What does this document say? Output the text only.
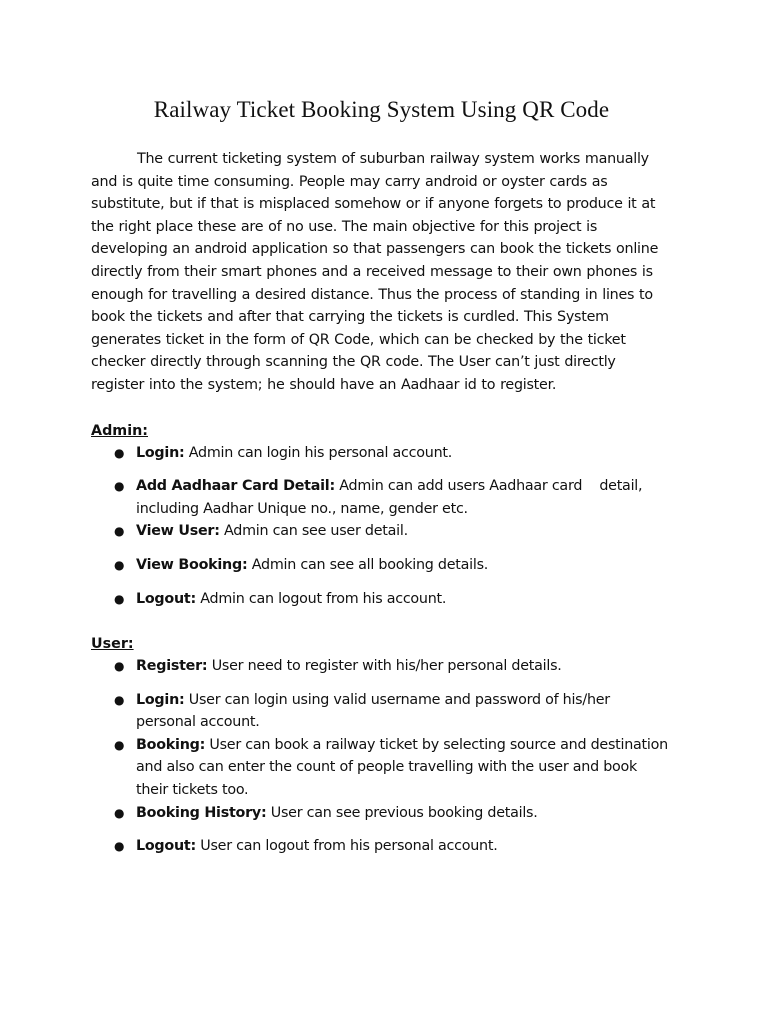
Railway Ticket Booking System Using QR Code

The current ticketing system of suburban railway system works manually and is quite time consuming. People may carry android or oyster cards as substitute, but if that is misplaced somehow or if anyone forgets to produce it at the right place these are of no use. The main objective for this project is developing an android application so that passengers can book the tickets online directly from their smart phones and a received message to their own phones is enough for travelling a desired distance. Thus the process of standing in lines to book the tickets and after that carrying the tickets is curdled. This System generates ticket in the form of QR Code, which can be checked by the ticket checker directly through scanning the QR code. The User can’t just directly register into the system; he should have an Aadhaar id to register.

Admin:

● Login: Admin can login his personal account.
● Add Aadhaar Card Detail: Admin can add users Aadhaar card    detail, including Aadhar Unique no., name, gender etc.
● View User: Admin can see user detail.
● View Booking: Admin can see all booking details.
● Logout: Admin can logout from his account.

User:

● Register: User need to register with his/her personal details.
● Login: User can login using valid username and password of his/her personal account.
● Booking: User can book a railway ticket by selecting source and destination and also can enter the count of people travelling with the user and book their tickets too.
● Booking History: User can see previous booking details.
● Logout: User can logout from his personal account.
